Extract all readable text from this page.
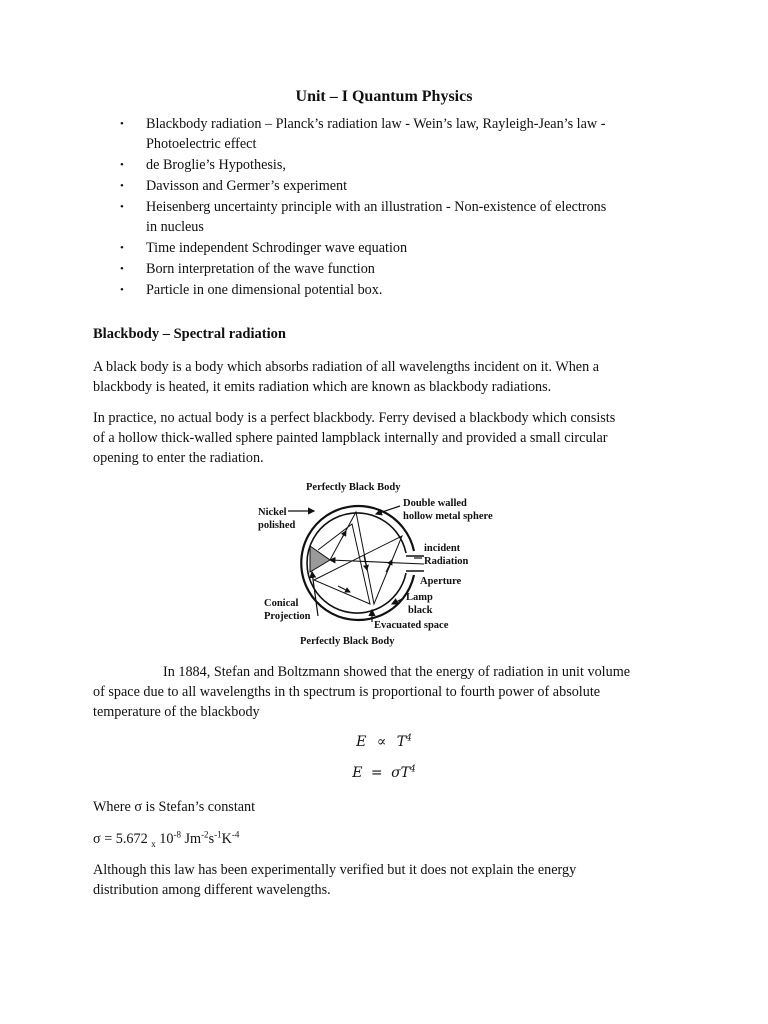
Unit – I Quantum Physics
• Blackbody radiation – Planck’s radiation law - Wein’s law, Rayleigh-Jean’s law -
Photoelectric effect
• de Broglie’s Hypothesis,
• Davisson and Germer’s experiment
• Heisenberg uncertainty principle with an illustration - Non-existence of electrons
in nucleus
• Time independent Schrodinger wave equation
• Born interpretation of the wave function
• Particle in one dimensional potential box.
Blackbody – Spectral radiation

A black body is a body which absorbs radiation of all wavelengths incident on it. When a
blackbody is heated, it emits radiation which are known as blackbody radiations.

In practice, no actual body is a perfect blackbody. Ferry devised a blackbody which consists
of a hollow thick-walled sphere painted lampblack internally and provided a small circular
opening to enter the radiation.

Perfectly Black Body
Nickel
polished
Double walled
hollow metal sphere
incident
Radiation
Aperture
Lamp
black
Conical
Projection
Evacuated space
Perfectly Black Body

In 1884, Stefan and Boltzmann showed that the energy of radiation in unit volume
of space due to all wavelengths in th spectrum is proportional to fourth power of absolute
temperature of the blackbody

$E \propto T^4$
$E = \sigma T^4$

Where σ is Stefan’s constant

σ = 5.672 $_x$ $10^{-8}$ $Jm^{-2}s^{-1}K^{-4}$

Although this law has been experimentally verified but it does not explain the energy
distribution among different wavelengths.
